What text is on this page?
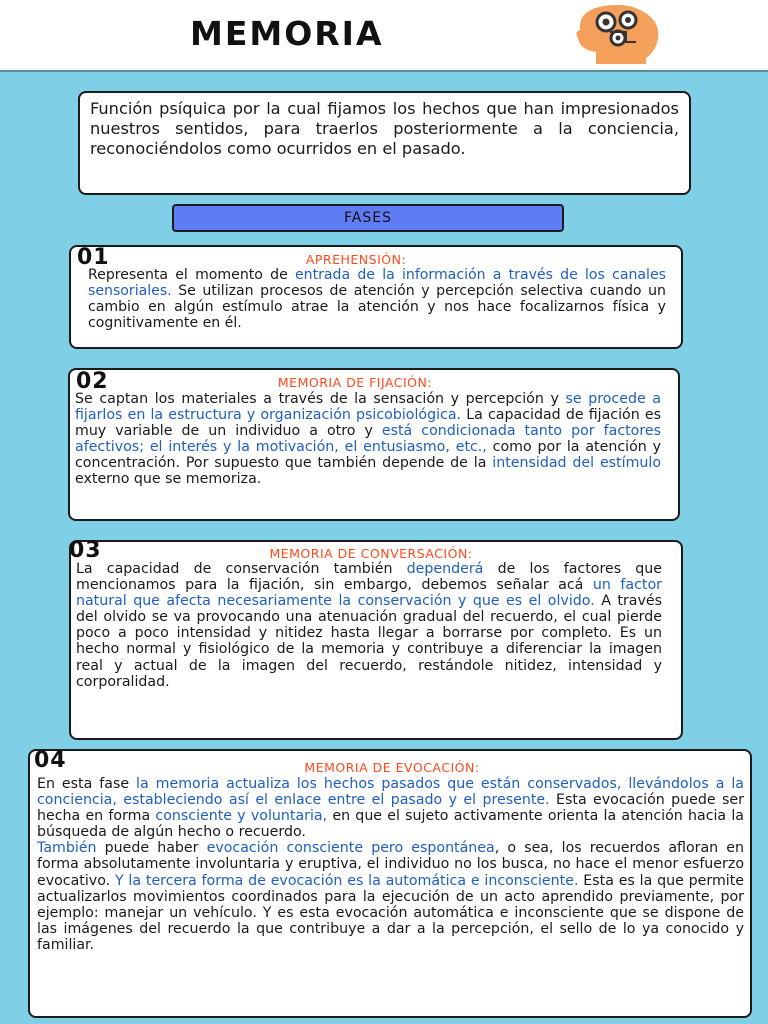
MEMORIA
Función psíquica por la cual fijamos los hechos que han impresionados nuestros sentidos, para traerlos posteriormente a la conciencia, reconociéndolos como ocurridos en el pasado.
FASES
01	APREHENSIÓN:
Representa el momento de entrada de la información a través de los canales sensoriales. Se utilizan procesos de atención y percepción selectiva cuando un cambio en algún estímulo atrae la atención y nos hace focalizarnos física y cognitivamente en él.
02	MEMORIA DE FIJACIÓN:
Se captan los materiales a través de la sensación y percepción y se procede a fijarlos en la estructura y organización psicobiológica. La capacidad de fijación es muy variable de un individuo a otro y está condicionada tanto por factores afectivos; el interés y la motivación, el entusiasmo, etc., como por la atención y concentración. Por supuesto que también depende de la intensidad del estímulo externo que se memoriza.
03	MEMORIA DE CONVERSACIÓN:
La capacidad de conservación también dependerá de los factores que mencionamos para la fijación, sin embargo, debemos señalar acá un factor natural que afecta necesariamente la conservación y que es el olvido. A través del olvido se va provocando una atenuación gradual del recuerdo, el cual pierde poco a poco intensidad y nitidez hasta llegar a borrarse por completo. Es un hecho normal y fisiológico de la memoria y contribuye a diferenciar la imagen real y actual de la imagen del recuerdo, restándole nitidez, intensidad y corporalidad.
04	MEMORIA DE EVOCACIÓN:
En esta fase la memoria actualiza los hechos pasados que están conservados, llevándolos a la conciencia, estableciendo así el enlace entre el pasado y el presente. Esta evocación puede ser hecha en forma consciente y voluntaria, en que el sujeto activamente orienta la atención hacia la búsqueda de algún hecho o recuerdo.
También puede haber evocación consciente pero espontánea, o sea, los recuerdos afloran en forma absolutamente involuntaria y eruptiva, el individuo no los busca, no hace el menor esfuerzo evocativo. Y la tercera forma de evocación es la automática e inconsciente. Esta es la que permite actualizarlos movimientos coordinados para la ejecución de un acto aprendido previamente, por ejemplo: manejar un vehículo. Y es esta evocación automática e inconsciente que se dispone de las imágenes del recuerdo la que contribuye a dar a la percepción, el sello de lo ya conocido y familiar.
